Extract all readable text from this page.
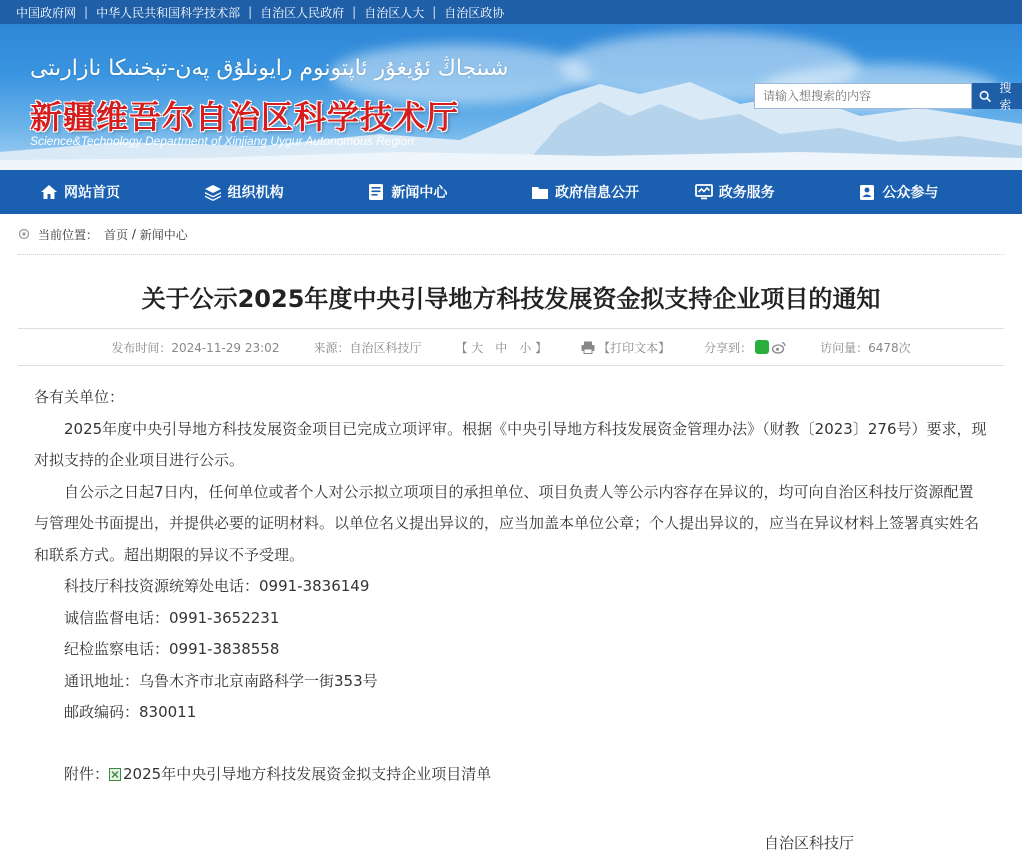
中国政府网 | 中华人民共和国科学技术部 | 自治区人民政府 | 自治区人大 | 自治区政协
شىنجاڭ ئۇيغۇر ئاپتونوم رايونلۇق پەن-تېخنىكا نازارىتى
新疆维吾尔自治区科学技术厅
Science&Technology Department of Xinjiang Uygur Autonomous Region
请输入想搜索的内容
搜索
网站首页	组织机构	新闻中心	政府信息公开	政务服务	公众参与
当前位置： 首页 / 新闻中心
关于公示2025年度中央引导地方科技发展资金拟支持企业项目的通知
发布时间：2024-11-29 23:02	来源：自治区科技厅	【 大　中　小 】	【打印文本】	分享到：	访问量：6478次

各有关单位：

2025年度中央引导地方科技发展资金项目已完成立项评审。根据《中央引导地方科技发展资金管理办法》（财教〔2023〕276号）要求，现对拟支持的企业项目进行公示。

自公示之日起7日内，任何单位或者个人对公示拟立项项目的承担单位、项目负责人等公示内容存在异议的，均可向自治区科技厅资源配置与管理处书面提出，并提供必要的证明材料。以单位名义提出异议的，应当加盖本单位公章；个人提出异议的，应当在异议材料上签署真实姓名和联系方式。超出期限的异议不予受理。

科技厅科技资源统筹处电话：0991-3836149

诚信监督电话：0991-3652231

纪检监察电话：0991-3838558

通讯地址：乌鲁木齐市北京南路科学一街353号

邮政编码：830011

附件： 2025年中央引导地方科技发展资金拟支持企业项目清单
自治区科技厅
